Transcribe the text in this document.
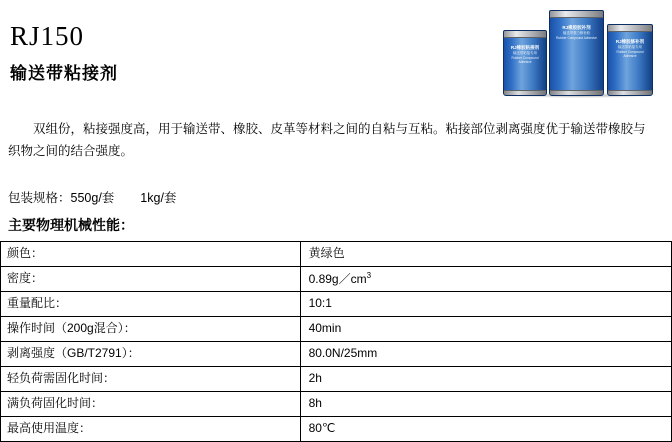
RJ150
输送带粘接剂
RJ橡胶粘接剂
输送带粘接专用
Rubber Compound Adhesive
RJ橡胶胶补剂
输送带强力修补胶
Rubber Compound Adhesive
RJ橡胶修补剂
输送带粘接专用
Rubber Compound Adhesive
双组份，粘接强度高，用于输送带、橡胶、皮革等材料之间的自粘与互粘。粘接部位剥离强度优于输送带橡胶与织物之间的结合强度。
包装规格：550g/套 1kg/套
主要物理机械性能：
颜色：	黄绿色
密度：	$0.89g/cm^3$
重量配比：	10:1
操作时间（200g混合）：	40min
剥离强度（GB/T2791）：	80.0N/25mm
轻负荷需固化时间：	2h
满负荷固化时间：	8h
最高使用温度：	80℃
